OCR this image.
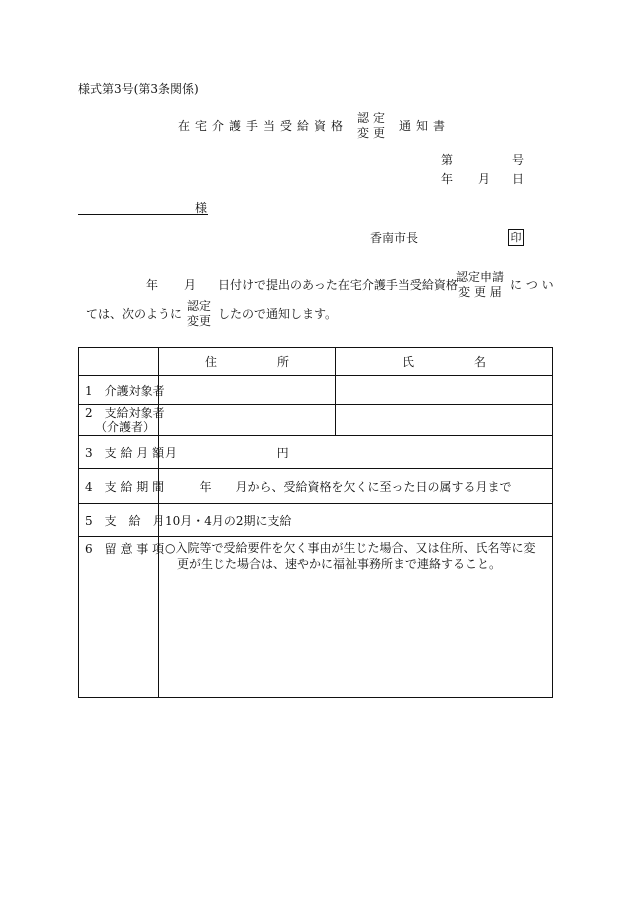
様式第3号(第3条関係)
在宅介護手当受給資格
認定
変更 通知書
第	号
年 月 日
様
香南市長	印
年 月 日付けで提出のあった在宅介護手当受給資格
認定申請
変 更 届 に つ い
ては、次のように
認定
変更 したので通知します。
	住　　　　　所	氏　　　　　名
1　介護対象者		

2　支給対象者
（介護者）		

3　支 給 月 額	月 円	
4　支 給 期 間	年　　月から、受給資格を欠くに至った日の属する月まで	
5　支　給　月	10月・4月の2期に支給	
6　留 意 事 項	○入院等で受給要件を欠く事由が生じた場合、又は住所、氏名等に変更が生じた場合は、速やかに福祉事務所まで連絡すること。	
